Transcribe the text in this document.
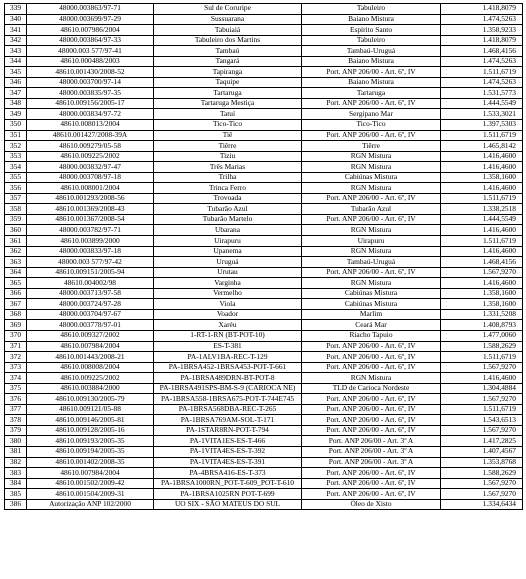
339	48000.003863/97-71	Sul de Coruripe	Tabuleiro	1.418,8079
340	48000.003699/97-29	Sussuarana	Baiano Mistura	1.474,5263
341	48610.007986/2004	Tabuiaiá	Espírito Santo	1.358,9233
342	48000.003864/97-33	Tabuleiro dos Martins	Tabuleiro	1.418,8079
343	48000.003 577/97-41	Tambaú	Tambaú-Uruguá	1.468,4156
344	48610.000488/2003	Tangará	Baiano Mistura	1.474,5263
345	48610.001430/2008-52	Tapiranga	Port. ANP 206/00 - Art. 6º, IV	1.511,6719
346	48000.003700/97-14	Taquipe	Baiano Mistura	1.474,5263
347	48000.003835/97-35	Tartaruga	Tartaruga	1.531,5773
348	48610.009156/2005-17	Tartaruga Mestiça	Port. ANP 206/00 - Art. 6º, IV	1.444,5549
349	48000.003834/97-72	Tatuí	Sergipano Mar	1.533,3021
350	48610.008013/2004	Tico-Tico	Tico-Tico	1.397,5303
351	48610.001427/2008-39A	Tiê	Port. ANP 206/00 - Art. 6º, IV	1.511,6719
352	48610.009279/05-58	Tiêrre	Tiêrre	1.465,8142
353	48610.009225/2002	Tiziu	RGN Mistura	1.416,4600
354	48000.003832/97-47	Três Marias	RGN Mistura	1.416,4600
355	48000.003708/97-18	Trilha	Cabiúnas Mistura	1.358,1600
356	48610.008001/2004	Trinca Ferro	RGN Mistura	1.416,4600
357	48610.001293/2008-56	Trovoada	Port. ANP 206/00 - Art. 6º, IV	1.511,6719
358	48610.001369/2008-43	Tubarão Azul	Tubarão Azul	1.338,2518
359	48610.001367/2008-54	Tubarão Martelo	Port. ANP 206/00 - Art. 6º, IV	1.444,5549
360	48000.003782/97-71	Ubarana	RGN Mistura	1.416,4600
361	48610.003899/2000	Uirapuru	Uirapuru	1.511,6719
362	48000.003833/97-18	Upanema	RGN Mistura	1.416,4600
363	48000.003 577/97-42	Uruguá	Tambaú-Uruguá	1.468,4156
364	48610.009151/2005-94	Urutau	Port. ANP 206/00 - Art. 6º, IV	1.567,9270
365	48610.004002/98	Varginha	RGN Mistura	1.416,4600
366	48000.003713/97-58	Vermelho	Cabiúnas Mistura	1.358,1600
367	48000.003724/97-28	Viola	Cabiúnas Mistura	1.358,1600
368	48000.003704/97-67	Voador	Marlim	1.331,5208
369	48000.003778/97-01	Xaréu	Ceará Mar	1.408,8793
370	48610.009327/2002	1-RT-1-RN (BT-POT-10)	Riacho Tapuio	1.477,0060
371	48610.007984/2004	ES-T-381	Port. ANP 206/00 - Art. 6º, IV	1.588,2629
372	48610.001443/2008-21	PA-1ALV1BA-REC-T-129	Port. ANP 206/00 - Art. 6º, IV	1.511,6719
373	48610.008008/2004	PA-1BRSA452-1BRSA453-POT-T-661	Port. ANP 206/00 - Art. 6º, IV	1.567,9270
374	48610.009225/2002	PA-1BRSA489DRN-BT-POT-8	RGN Mistura	1.416,4600
375	48610.003884/2000	PA-1BRSA491SPS-BM-S-9 (CARIOCA NE)	TLD de Carioca Nordeste	1.304,4884
376	48610.009130/2005-79	PA-1BRSA558-1BRSA675-POT-T-744E745	Port. ANP 206/00 - Art. 6º, IV	1.567,9270
377	48610.009121/05-88	PA-1BRSA568DBA-REC-T-265	Port. ANP 206/00 - Art. 6º, IV	1.511,6719
378	48610.009146/2005-81	PA-1BRSA769AM-SOL-T-171	Port. ANP 206/00 - Art. 6º, IV	1.543,6513
379	48610.009128/2005-16	PA-1STAR8RN-POT-T-794	Port. ANP 206/00 - Art. 6º, IV	1.567,9270
380	48610.009193/2005-35	PA-1VITA1ES-ES-T-466	Port. ANP 206/00 - Art. 3º A	1.417,2825
381	48610.009194/2005-35	PA-1VITA4ES-ES-T-392	Port. ANP 206/00 - Art. 3º A	1.407,4567
382	48610.001402/2008-35	PA-1VITA4ES-ES-T-391	Port. ANP 206/00 - Art. 3º A	1.353,8768
383	48610.007984/2004	PA-4BRSA416-ES-T-373	Port. ANP 206/00 - Art. 6º, IV	1.588,2629
384	48610.001502/2009-42	PA-1BRSA1000RN_POT-T-609_POT-T-610	Port. ANP 206/00 - Art. 6º, IV	1.567,9270
385	48610.001504/2009-31	PA-1BRSA1025RN POT-T-699	Port. ANP 206/00 - Art. 6º, IV	1.567,9270
386	Autorização ANP 102/2000	UO SIX - SÃO MATEUS DO SUL	Óleo de Xisto	1.334,6434
